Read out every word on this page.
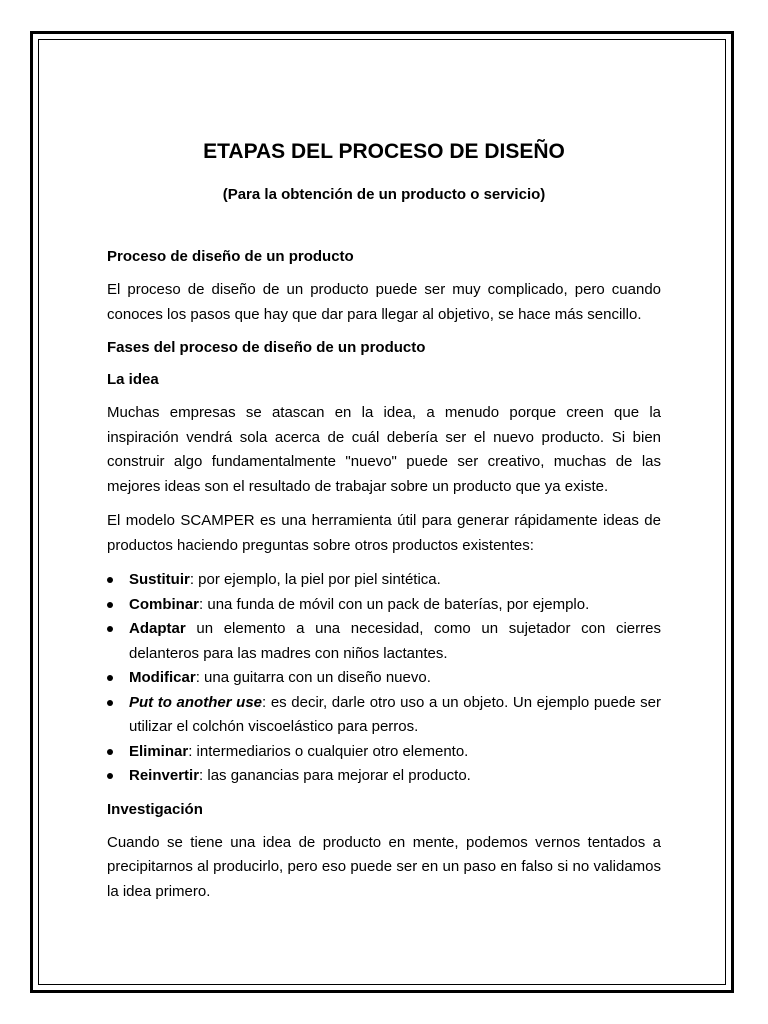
ETAPAS DEL PROCESO DE DISEÑO

(Para la obtención de un producto o servicio)

Proceso de diseño de un producto

El proceso de diseño de un producto puede ser muy complicado, pero cuando conoces los pasos que hay que dar para llegar al objetivo, se hace más sencillo.

Fases del proceso de diseño de un producto
La idea

Muchas empresas se atascan en la idea, a menudo porque creen que la inspiración vendrá sola acerca de cuál debería ser el nuevo producto. Si bien construir algo fundamentalmente "nuevo" puede ser creativo, muchas de las mejores ideas son el resultado de trabajar sobre un producto que ya existe.

El modelo SCAMPER es una herramienta útil para generar rápidamente ideas de productos haciendo preguntas sobre otros productos existentes:

Sustituir: por ejemplo, la piel por piel sintética.
Combinar: una funda de móvil con un pack de baterías, por ejemplo.
Adaptar un elemento a una necesidad, como un sujetador con cierres delanteros para las madres con niños lactantes.
Modificar: una guitarra con un diseño nuevo.
Put to another use: es decir, darle otro uso a un objeto. Un ejemplo puede ser utilizar el colchón viscoelástico para perros.
Eliminar: intermediarios o cualquier otro elemento.
Reinvertir: las ganancias para mejorar el producto.
Investigación

Cuando se tiene una idea de producto en mente, podemos vernos tentados a precipitarnos al producirlo, pero eso puede ser en un paso en falso si no validamos la idea primero.
